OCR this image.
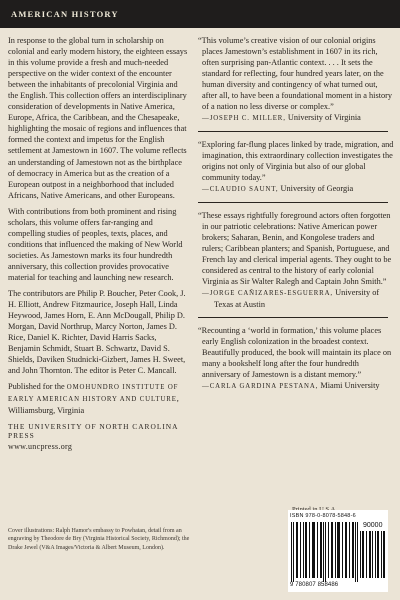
AMERICAN HISTORY

In response to the global turn in scholarship on colonial and early modern history, the eighteen essays in this volume provide a fresh and much-needed perspective on the wider context of the encounter between the inhabitants of precolonial Virginia and the English. This collection offers an interdisciplinary consideration of developments in Native America, Europe, Africa, the Caribbean, and the Chesapeake, highlighting the mosaic of regions and influences that formed the context and impetus for the English settlement at Jamestown in 1607. The volume reflects an understanding of Jamestown not as the birthplace of democracy in America but as the creation of a European outpost in a neighborhood that included Africans, Native Americans, and other Europeans.

With contributions from both prominent and rising scholars, this volume offers far-ranging and compelling studies of peoples, texts, places, and conditions that influenced the making of New World societies. As Jamestown marks its four hundredth anniversary, this collection provides provocative material for teaching and launching new research.

The contributors are Philip P. Boucher, Peter Cook, J. H. Elliott, Andrew Fitzmaurice, Joseph Hall, Linda Heywood, James Horn, E. Ann McDougall, Philip D. Morgan, David Northrup, Marcy Norton, James D. Rice, Daniel K. Richter, David Harris Sacks, Benjamin Schmidt, Stuart B. Schwartz, David S. Shields, Daviken Studnicki-Gizbert, James H. Sweet, and John Thornton. The editor is Peter C. Mancall.

Published for the OMOHUNDRO INSTITUTE OF EARLY AMERICAN HISTORY AND CULTURE, Williamsburg, Virginia
THE UNIVERSITY OF NORTH CAROLINA PRESS
www.uncpress.org
Cover illustrations: Ralph Hamor's embassy to Powhatan, detail from an engraving by Theodore de Bry (Virginia Historical Society, Richmond); the Drake Jewel (V&A Images/Victoria & Albert Museum, London).

“This volume’s creative vision of our colonial origins places Jamestown’s establishment in 1607 in its rich, often surprising pan-Atlantic context. . . . It sets the standard for reflecting, four hundred years later, on the human diversity and contingency of what turned out, after all, to have been a foundational moment in a history of a nation no less diverse or complex.”

—JOSEPH C. MILLER, University of Virginia

“Exploring far-flung places linked by trade, migration, and imagination, this extraordinary collection investigates the origins not only of Virginia but also of our global community today.”

—CLAUDIO SAUNT, University of Georgia

“These essays rightfully foreground actors often forgotten in our patriotic celebrations: Native American power brokers; Saharan, Benin, and Kongolese traders and rulers; Caribbean planters; and Spanish, Portuguese, and French lay and clerical imperial agents. They ought to be considered as central to the history of early colonial Virginia as Sir Walter Ralegh and Captain John Smith.”

—JORGE CAÑIZARES-ESGUERRA, University of Texas at Austin

“Recounting a ‘world in formation,’ this volume places early English colonization in the broadest context. Beautifully produced, the book will maintain its place on many a bookshelf long after the four hundredth anniversary of Jamestown is a distant memory.”

—CARLA GARDINA PESTANA, Miami University
ISBN 978-0-8078-5848-6
90000
9 780807 858486
